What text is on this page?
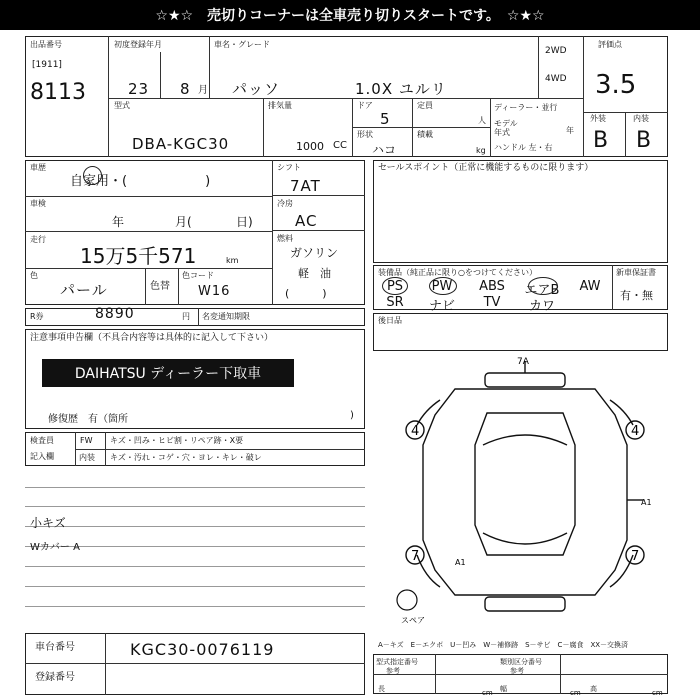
☆★☆　売切りコーナーは全車売り切りスタートです。　☆★☆
出品番号
[1911]
8113
初度登録年月
23 8 月
車名・グレード
パッソ	1.0X ユルリ
2WD
4WD
評価点
3.5
外装	内装
B B
型式
DBA-KGC30
排気量
1000 CC
ドア
5
形状
ハコ
定員
人
積載
kg
ディーラー・並行
モデル
年式	年
ハンドル 左・右
車歴
自家用・(　　　　　　)
車検
年	月(	日)
走行
15万5千571	km
色
パール	色替
色コード
W16
シフト
7AT
冷房
AC
燃料
ガソリン
軽　油
(　　　)
セールスポイント（正常に機能するものに限ります）
装備品（純正品に限り○をつけてください）
PS	PW	ABS	エアB	AW
SR	ナビ	TV	カワ
新車保証書
有・無
R券	8890	円 名変通知期限
注意事項申告欄（不具合内容等は具体的に記入して下さい）
DAIHATSU ディーラー下取車
修復歴　有（箇所	)
後日品
検査員
記入欄
FW キズ・凹み・ヒビ割・リペア跡・X要
内装 キズ・汚れ・コゲ・穴・ヨレ・キレ・破レ
小キズ
Wカバー A
7A
4	4
A1
A1
7	7
スペア
車台番号	KGC30-0076119
登録番号
A－キズ　E－エクボ　U－凹み　W－補修跡　S－サビ　C－腐食　XX－交換済
型式指定番号	類別区分番号
参考	参考
長	cm 幅	cm 高	cm
